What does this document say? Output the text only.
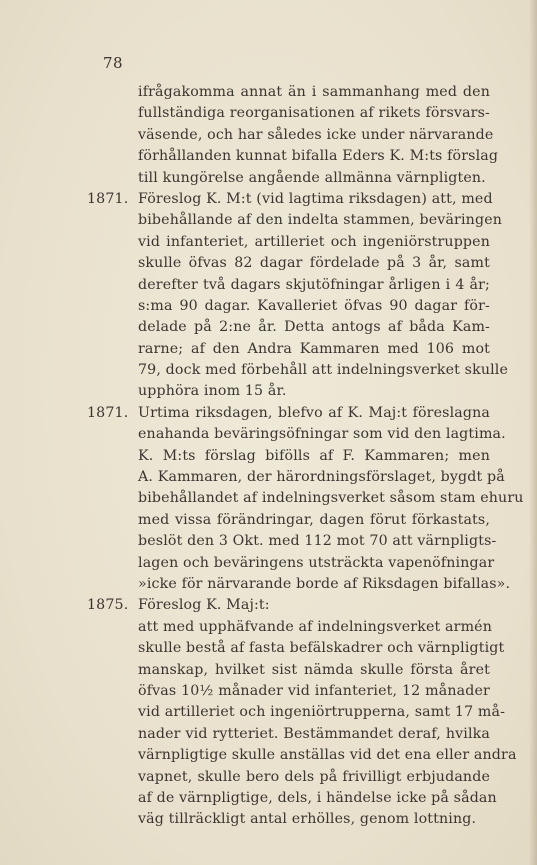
78
ifrågakomma annat än i sammanhang med den
fullständiga reorganisationen af rikets försvars-
väsende, och har således icke under närvarande
förhållanden kunnat bifalla Eders K. M:ts förslag
till kungörelse angående allmänna värnpligten.
1871. Föreslog K. M:t (vid lagtima riksdagen) att, med
bibehållande af den indelta stammen, beväringen
vid infanteriet, artilleriet och ingeniörstruppen
skulle öfvas 82 dagar fördelade på 3 år, samt
derefter två dagars skjutöfningar årligen i 4 år;
s:ma 90 dagar. Kavalleriet öfvas 90 dagar för-
delade på 2:ne år. Detta antogs af båda Kam-
rarne; af den Andra Kammaren med 106 mot
79, dock med förbehåll att indelningsverket skulle
upphöra inom 15 år.
1871. Urtima riksdagen, blefvo af K. Maj:t föreslagna
enahanda beväringsöfningar som vid den lagtima.
K. M:ts förslag bifölls af F. Kammaren; men
A. Kammaren, der härordningsförslaget, bygdt på
bibehållandet af indelningsverket såsom stam ehuru
med vissa förändringar, dagen förut förkastats,
beslöt den 3 Okt. med 112 mot 70 att värnpligts-
lagen och beväringens utsträckta vapenöfningar
»icke för närvarande borde af Riksdagen bifallas».
1875. Föreslog K. Maj:t:
att med upphäfvande af indelningsverket armén
skulle bestå af fasta befälskadrer och värnpligtigt
manskap, hvilket sist nämda skulle första året
öfvas 10½ månader vid infanteriet, 12 månader
vid artilleriet och ingeniörtrupperna, samt 17 må-
nader vid rytteriet. Bestämmandet deraf, hvilka
värnpligtige skulle anställas vid det ena eller andra
vapnet, skulle bero dels på frivilligt erbjudande
af de värnpligtige, dels, i händelse icke på sådan
väg tillräckligt antal erhölles, genom lottning.
